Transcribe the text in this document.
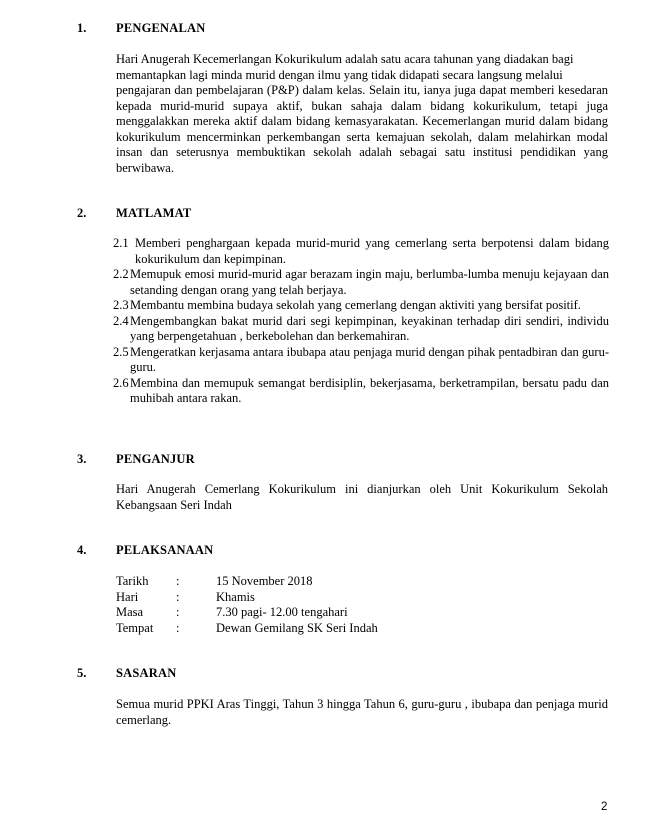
1. PENGENALAN
Hari Anugerah Kecemerlangan Kokurikulum adalah satu acara tahunan yang diadakan bagi
memantapkan lagi minda murid dengan ilmu yang tidak didapati secara langsung melalui
pengajaran dan pembelajaran (P&P) dalam kelas. Selain itu, ianya juga dapat memberi kesedaran kepada murid-murid supaya aktif, bukan sahaja dalam bidang kokurikulum, tetapi juga menggalakkan mereka aktif dalam bidang kemasyarakatan. Kecemerlangan murid dalam bidang kokurikulum mencerminkan perkembangan serta kemajuan sekolah, dalam melahirkan modal insan dan seterusnya membuktikan sekolah adalah sebagai satu institusi pendidikan yang berwibawa.
2. MATLAMAT
2.1 Memberi penghargaan kepada murid-murid yang cemerlang serta berpotensi dalam bidang kokurikulum dan kepimpinan.
2.2 Memupuk emosi murid-murid agar berazam ingin maju, berlumba-lumba menuju kejayaan dan setanding dengan orang yang telah berjaya.
2.3 Membantu membina budaya sekolah yang cemerlang dengan aktiviti yang bersifat positif.
2.4 Mengembangkan bakat murid dari segi kepimpinan, keyakinan terhadap diri sendiri, individu yang berpengetahuan , berkebolehan dan berkemahiran.
2.5 Mengeratkan kerjasama antara ibubapa atau penjaga murid dengan pihak pentadbiran dan guru-guru.
2.6 Membina dan memupuk semangat berdisiplin, bekerjasama, berketrampilan, bersatu padu dan muhibah antara rakan.
3. PENGANJUR
Hari Anugerah Cemerlang Kokurikulum ini dianjurkan oleh Unit Kokurikulum Sekolah Kebangsaan Seri Indah
4. PELAKSANAAN
Tarikh	:	15 November 2018
Hari	:	Khamis
Masa	:	7.30 pagi- 12.00 tengahari
Tempat	:	Dewan Gemilang SK Seri Indah
5. SASARAN
Semua murid PPKI Aras Tinggi, Tahun 3 hingga Tahun 6, guru-guru , ibubapa dan penjaga murid cemerlang.
2
